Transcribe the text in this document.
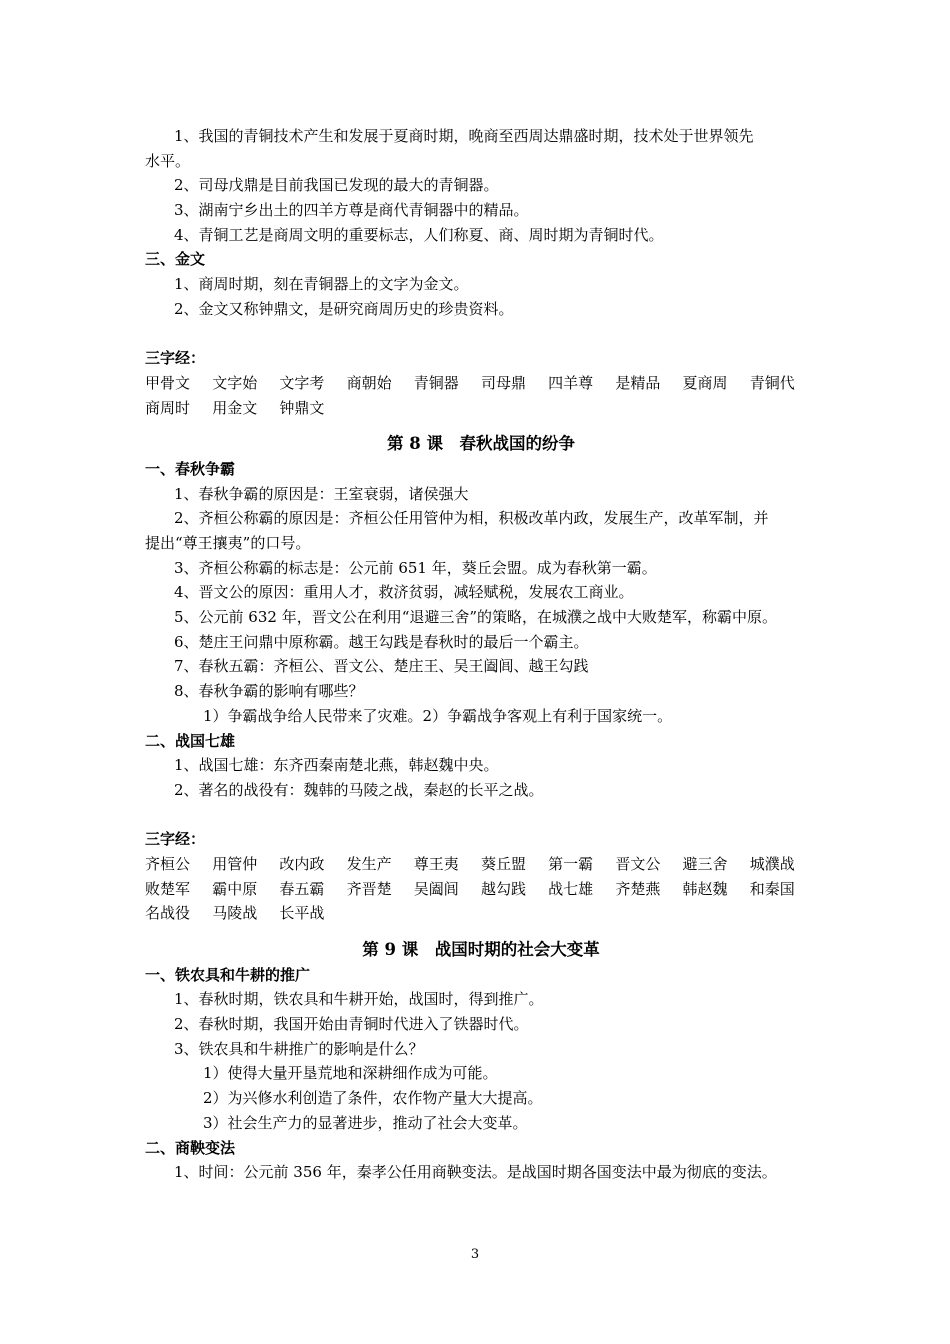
1、我国的青铜技术产生和发展于夏商时期，晚商至西周达鼎盛时期，技术处于世界领先
水平。
2、司母戊鼎是目前我国已发现的最大的青铜器。
3、湖南宁乡出土的四羊方尊是商代青铜器中的精品。
4、青铜工艺是商周文明的重要标志，人们称夏、商、周时期为青铜时代。
三、金文
1、商周时期，刻在青铜器上的文字为金文。
2、金文又称钟鼎文，是研究商周历史的珍贵资料。
三字经：
甲骨文	文字始	文字考	商朝始	青铜器	司母鼎	四羊尊	是精品	夏商周	青铜代
商周时	用金文	钟鼎文
第 8 课　春秋战国的纷争
一、春秋争霸
1、春秋争霸的原因是：王室衰弱，诸侯强大
2、齐桓公称霸的原因是：齐桓公任用管仲为相，积极改革内政，发展生产，改革军制，并
提出“尊王攘夷”的口号。
3、齐桓公称霸的标志是：公元前 651 年，葵丘会盟。成为春秋第一霸。
4、晋文公的原因：重用人才，救济贫弱，减轻赋税，发展农工商业。
5、公元前 632 年，晋文公在利用“退避三舍”的策略，在城濮之战中大败楚军，称霸中原。
6、楚庄王问鼎中原称霸。越王勾践是春秋时的最后一个霸主。
7、春秋五霸：齐桓公、晋文公、楚庄王、吴王阖闾、越王勾践
8、春秋争霸的影响有哪些？
1）争霸战争给人民带来了灾难。2）争霸战争客观上有利于国家统一。
二、战国七雄
1、战国七雄：东齐西秦南楚北燕，韩赵魏中央。
2、著名的战役有：魏韩的马陵之战，秦赵的长平之战。
三字经：
齐桓公	用管仲	改内政	发生产	尊王夷	葵丘盟	第一霸	晋文公	避三舍	城濮战
败楚军	霸中原	春五霸	齐晋楚	吴阖闾	越勾践	战七雄	齐楚燕	韩赵魏	和秦国
名战役	马陵战	长平战
第 9 课　战国时期的社会大变革
一、铁农具和牛耕的推广
1、春秋时期，铁农具和牛耕开始，战国时，得到推广。
2、春秋时期，我国开始由青铜时代进入了铁器时代。
3、铁农具和牛耕推广的影响是什么？
1）使得大量开垦荒地和深耕细作成为可能。
2）为兴修水利创造了条件，农作物产量大大提高。
3）社会生产力的显著进步，推动了社会大变革。
二、商鞅变法
1、时间：公元前 356 年，秦孝公任用商鞅变法。是战国时期各国变法中最为彻底的变法。
3
